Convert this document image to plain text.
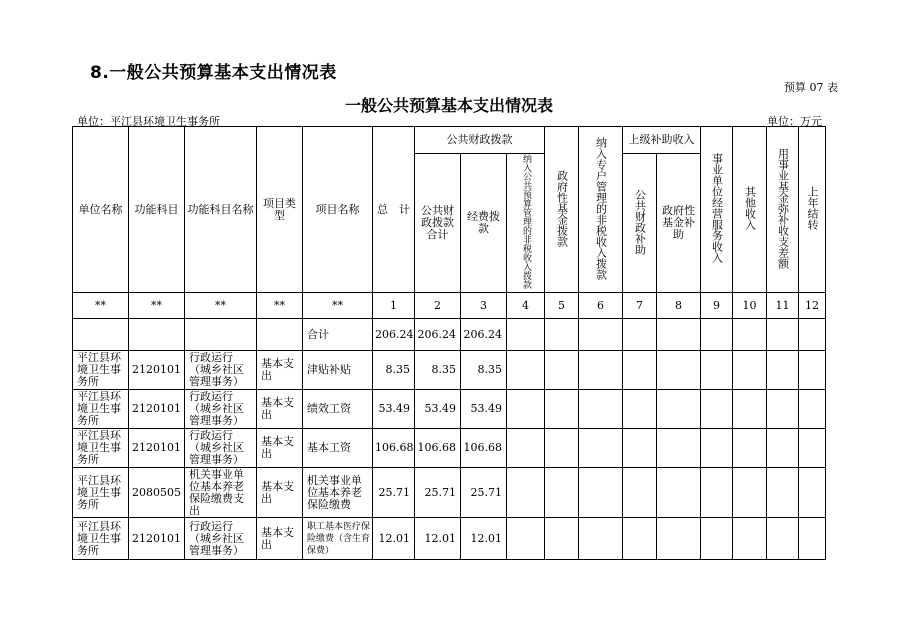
8.一般公共预算基本支出情况表
预算 07 表
一般公共预算基本支出情况表
单位：平江县环境卫生事务所	单位：万元
单位名称	功能科目	功能科目名称	项目类型	项目名称	总　计	公共财政拨款			政府性基金拨款	纳入专户管理的非税收入拨款	上级补助收入		事业单位经营服务收入	其他收入	用事业基金弥补收支差额	上年结转
						公共财政拨款合计	经费拨款	纳入公共预算管理的非税收入拨款			公共财政补助	政府性基金补助				

**	**	**	**	**	1	2	3	4	5	6	7	8	9	10	11	12
				合计	206.24	206.24	206.24									
平江县环境卫生事务所	2120101	行政运行（城乡社区管理事务）	基本支出	津贴补贴	8.35	8.35	8.35									
平江县环境卫生事务所	2120101	行政运行（城乡社区管理事务）	基本支出	绩效工资	53.49	53.49	53.49									
平江县环境卫生事务所	2120101	行政运行（城乡社区管理事务）	基本支出	基本工资	106.68	106.68	106.68									
平江县环境卫生事务所	2080505	机关事业单位基本养老保险缴费支出	基本支出	机关事业单位基本养老保险缴费	25.71	25.71	25.71									
平江县环境卫生事务所	2120101	行政运行（城乡社区管理事务）	基本支出	职工基本医疗保险缴费（含生育保费）	12.01	12.01	12.01									
